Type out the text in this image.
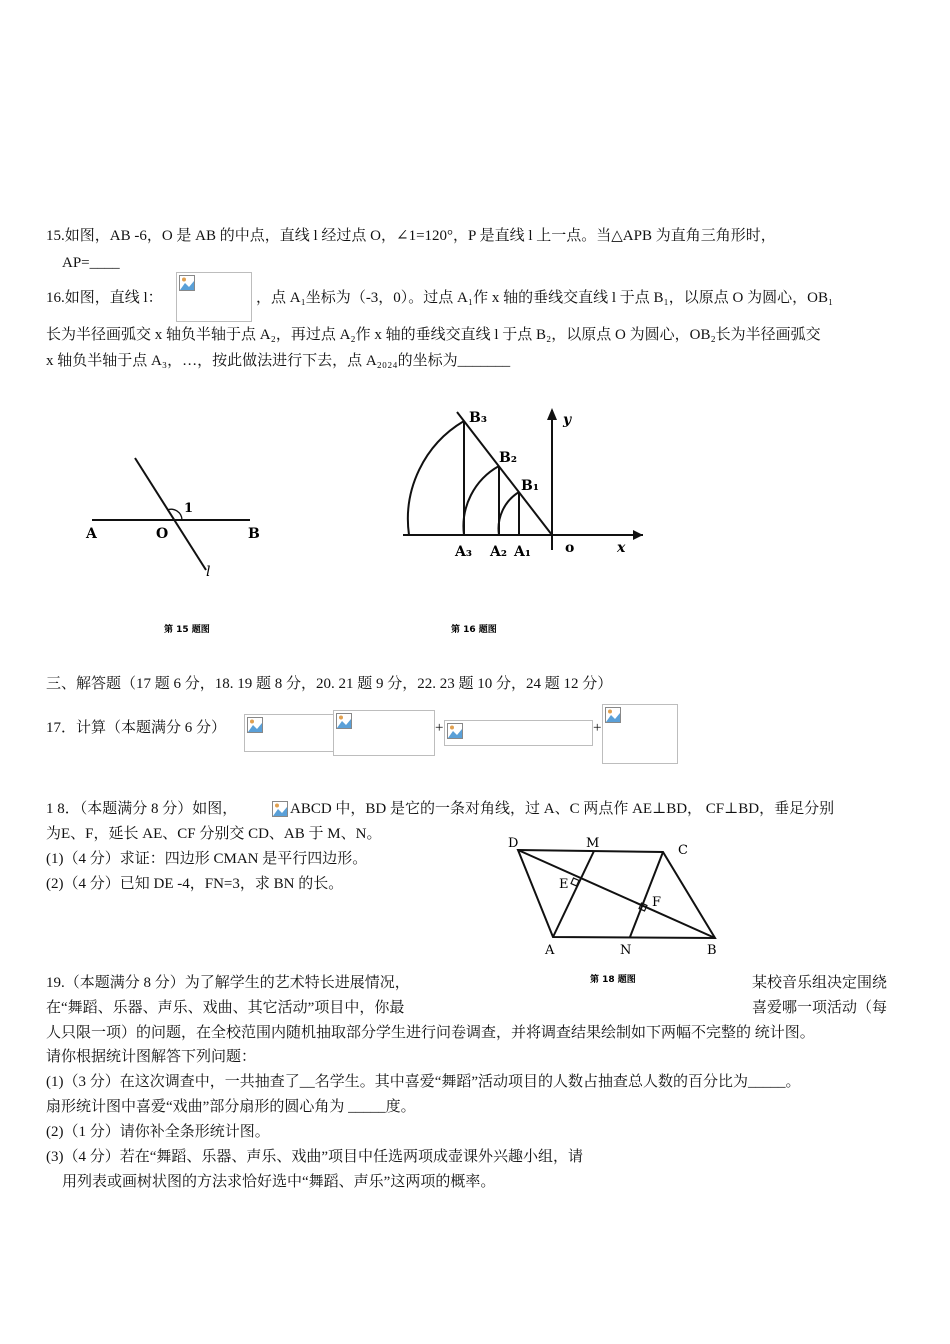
15.如图，AB -6，O 是 AB 的中点，直线 l 经过点 O，∠1=120°，P 是直线 l 上一点。当△APB 为直角三角形时，
AP=____
16.如图，直线 l：	，点 A₁坐标为（-3，0）。过点 A₁作 x 轴的垂线交直线 l 于点 B₁，以原点 O 为圆心，OB₁
长为半径画弧交 x 轴负半轴于点 A₂，再过点 A₂作 x 轴的垂线交直线 l 于点 B₂，以原点 O 为圆心，OB₂长为半径画弧交
x 轴负半轴于点 A₃，…，按此做法进行下去，点 A₂₀₂₄的坐标为_______
A	O	B
1
l
第 15 题图
B₃
B₂
B₁
A₃ A₂ A₁ o	x
y
第 16 题图
三、解答题（17 题 6 分，18. 19 题 8 分，20. 21 题 9 分，22. 23 题 10 分，24 题 12 分）
17．计算（本题满分 6 分）	+	+
1 8．（本题满分 8 分）如图，	ABCD 中，BD 是它的一条对角线，过 A、C 两点作 AE⊥BD， CF⊥BD，垂足分别
为E、F，延长 AE、CF 分别交 CD、AB 于 M、N。
(1)（4 分）求证：四边形 CMAN 是平行四边形。
(2)（4 分）已知 DE -4，FN=3，求 BN 的长。
D	M	C
E
F
A	N	B
第 18 题图
19.（本题满分 8 分）为了解学生的艺术特长进展情况，	某校音乐组决定围绕
在“舞蹈、乐器、声乐、戏曲、其它活动”项目中，你最	喜爱哪一项活动（每
人只限一项）的问题，在全校范围内随机抽取部分学生进行问卷调查，并将调查结果绘制如下两幅不完整的 统计图。
请你根据统计图解答下列问题：
(1)（3 分）在这次调查中，一共抽查了__名学生。其中喜爱“舞蹈”活动项目的人数占抽查总人数的百分比为_____。
扇形统计图中喜爱“戏曲”部分扇形的圆心角为 _____度。
(2)（1 分）请你补全条形统计图。
(3)（4 分）若在“舞蹈、乐器、声乐、戏曲”项目中任选两项成壶课外兴趣小组，请
用列表或画树状图的方法求恰好选中“舞蹈、声乐”这两项的概率。
